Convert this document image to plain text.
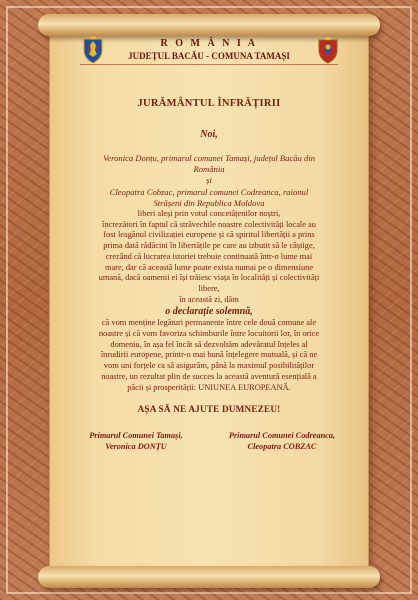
R O M Â N I A
JUDEȚUL BACĂU - COMUNA TAMAȘI
JURĂMÂNTUL ÎNFRĂȚIRII
Noi,
Veronica Donțu, primarul comunei Tamași, județul Bacău din
România
și
Cleopatra Cobzac, primarul comunei Codreanca, raionul
Strășeni din Republica Moldova
liberi aleși prin votul concetățenilor noștri,
încrezători în faptul că străvechile noastre colectivități locale au
fost leagănul civilizației europene și că spiritul libertății a prins
prima dată rădăcini în libertățile pe care au izbutit să le câștige,
crezând că lucrarea istoriei trebuie continuată într-o lume mai
mare, dar că această lume poate exista numai pe o dimensiune
umană, dacă oamenii ei își trăiesc viața în localități și colectivități
libere,
în această zi, dăm
o declarație solemnă,
că vom menține legături permanente între cele două comune ale
noastre și că vom favoriza schimburile între locuitorii lor, în orice
domeniu, în așa fel încât să dezvoltăm adevăratul înțeles al
înrudirii europene, printr-o mai bună înțelegere mutuală, și că ne
vom uni forțele ca să asigurăm, până la maximul posibilităților
noastre, un rezultat plin de succes la această aventură esențială a
păcii și prosperității: UNIUNEA EUROPEANĂ.
AȘA SĂ NE AJUTE DUMNEZEU!
Primarul Comunei Tamași,
Veronica DONȚU
Primarul Comunei Codreanca,
Cleopatra COBZAC
